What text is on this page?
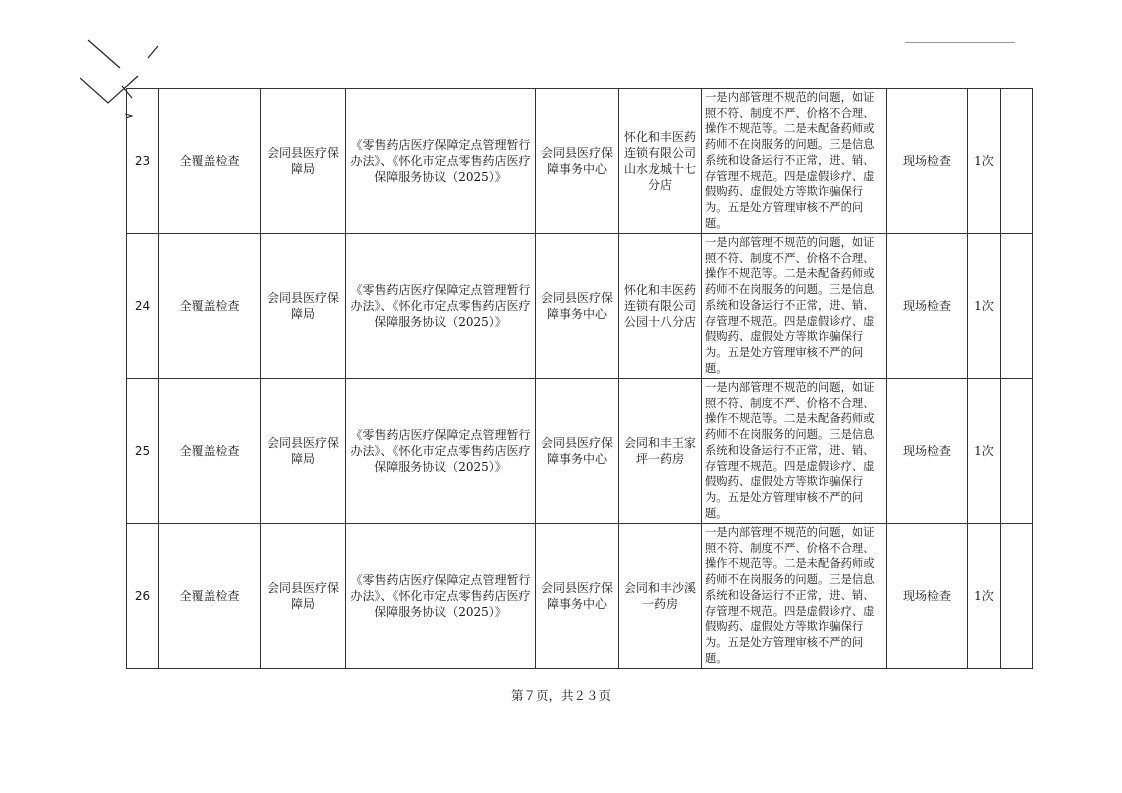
23	全覆盖检查	会同县医疗保障局	《零售药店医疗保障定点管理暂行办法》、《怀化市定点零售药店医疗保障服务协议（2025）》	会同县医疗保障事务中心	怀化和丰医药连锁有限公司山水龙城十七分店	一是内部管理不规范的问题，如证照不符、制度不严、价格不合理、操作不规范等。二是未配备药师或药师不在岗服务的问题。三是信息系统和设备运行不正常，进、销、存管理不规范。四是虚假诊疗、虚假购药、虚假处方等欺诈骗保行为。五是处方管理审核不严的问题。	现场检查	1次	
24	全覆盖检查	会同县医疗保障局	《零售药店医疗保障定点管理暂行办法》、《怀化市定点零售药店医疗保障服务协议（2025）》	会同县医疗保障事务中心	怀化和丰医药连锁有限公司公园十八分店	一是内部管理不规范的问题，如证照不符、制度不严、价格不合理、操作不规范等。二是未配备药师或药师不在岗服务的问题。三是信息系统和设备运行不正常，进、销、存管理不规范。四是虚假诊疗、虚假购药、虚假处方等欺诈骗保行为。五是处方管理审核不严的问题。	现场检查	1次	
25	全覆盖检查	会同县医疗保障局	《零售药店医疗保障定点管理暂行办法》、《怀化市定点零售药店医疗保障服务协议（2025）》	会同县医疗保障事务中心	会同和丰王家坪一药房	一是内部管理不规范的问题，如证照不符、制度不严、价格不合理、操作不规范等。二是未配备药师或药师不在岗服务的问题。三是信息系统和设备运行不正常，进、销、存管理不规范。四是虚假诊疗、虚假购药、虚假处方等欺诈骗保行为。五是处方管理审核不严的问题。	现场检查	1次	
26	全覆盖检查	会同县医疗保障局	《零售药店医疗保障定点管理暂行办法》、《怀化市定点零售药店医疗保障服务协议（2025）》	会同县医疗保障事务中心	会同和丰沙溪一药房	一是内部管理不规范的问题，如证照不符、制度不严、价格不合理、操作不规范等。二是未配备药师或药师不在岗服务的问题。三是信息系统和设备运行不正常，进、销、存管理不规范。四是虚假诊疗、虚假购药、虚假处方等欺诈骗保行为。五是处方管理审核不严的问题。	现场检查	1次	
第７页，共２３页
